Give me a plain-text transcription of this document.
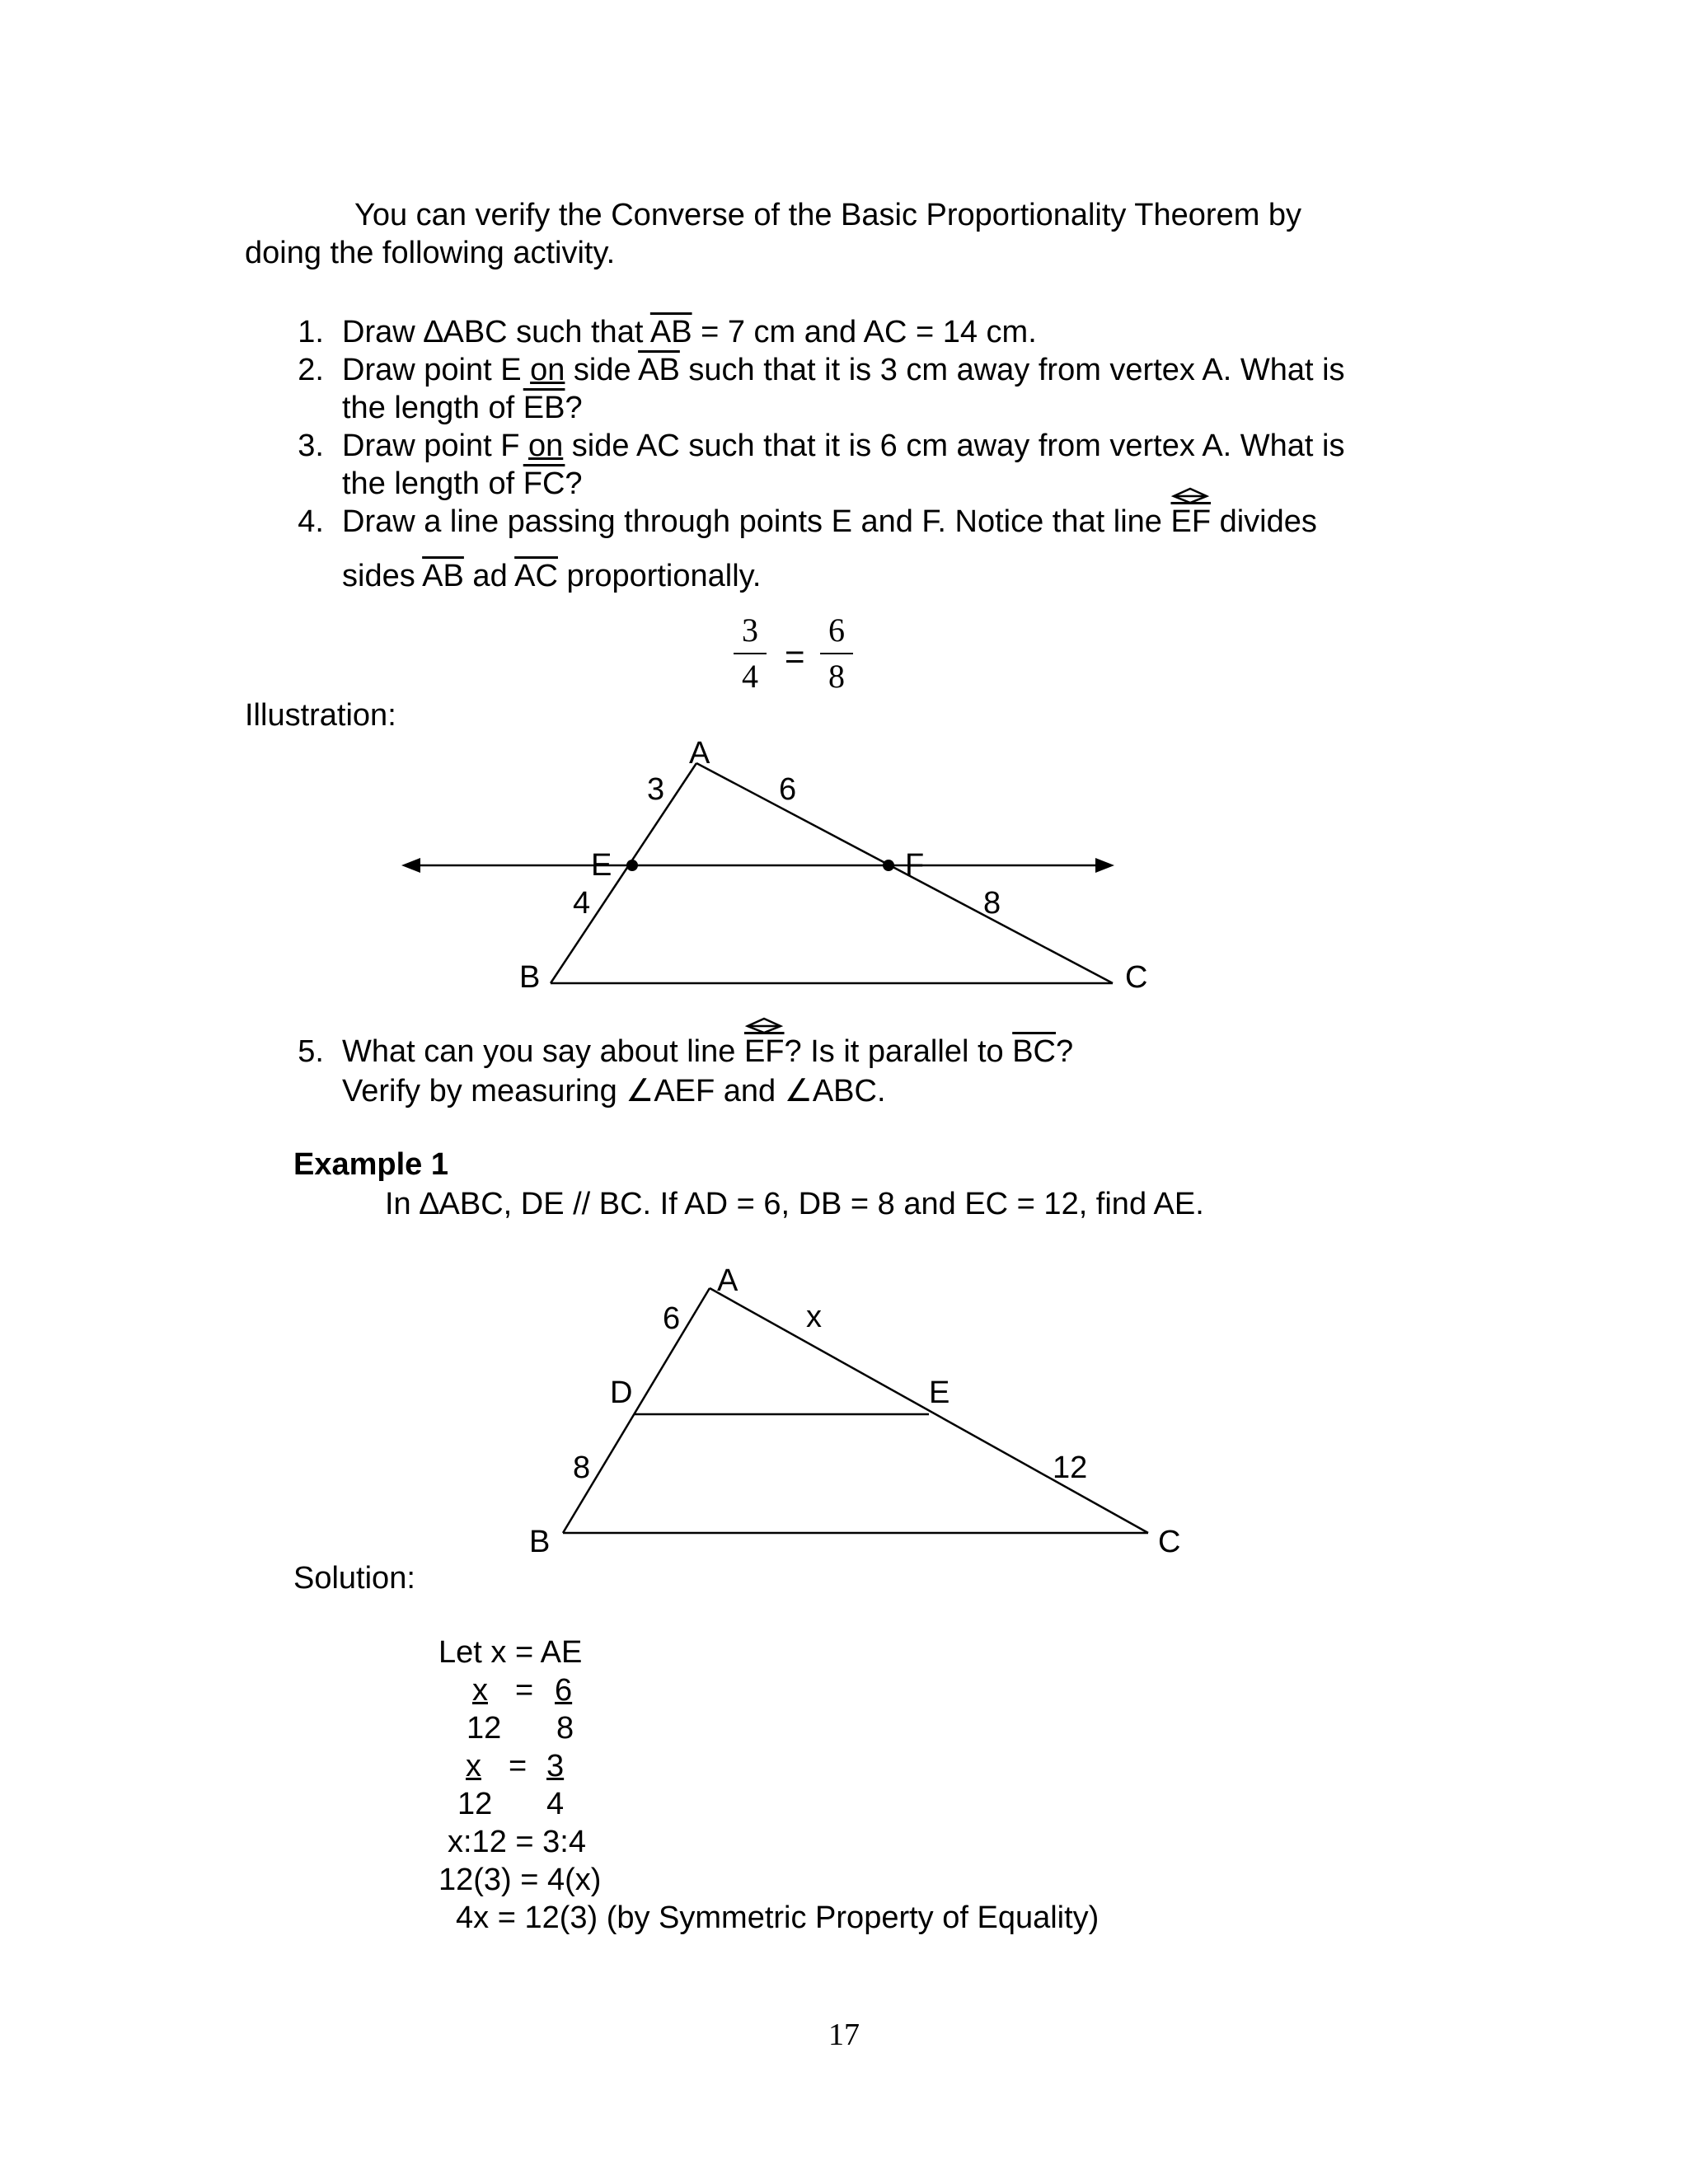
You can verify the Converse of the Basic Proportionality Theorem by
doing the following activity.
1. Draw ∆ABC such that $\overline{AB} = 7$ cm and AC = 14 cm.
2. Draw point E on side $\overline{AB}$ such that it is 3 cm away from vertex A. What is
the length of $\overline{EB}$?
3. Draw point F on side AC such that it is 6 cm away from vertex A. What is
the length of $\overline{FC}$?
4. Draw a line passing through points E and F. Notice that line EF
divides
sides $\overline{AB}$ ad $\overline{AC}$ proportionally.
3
4
=
6
8
Illustration:
A
B	C
E	F
3	6
4	8
5. What can you say about line EF
? Is it parallel to $\overline{BC}$?
Verify by measuring ∠AEF and ∠ABC.
Example 1
In ∆ABC, DE // BC. If AD = 6, DB = 8 and EC = 12, find AE.
A
B	C
D	E
6	x
8	12
Solution:
Let x = AE
x = 6
12 8
x = 3
12 4
x:12 = 3:4
12(3) = 4(x)
4x = 12(3) (by Symmetric Property of Equality)
17
